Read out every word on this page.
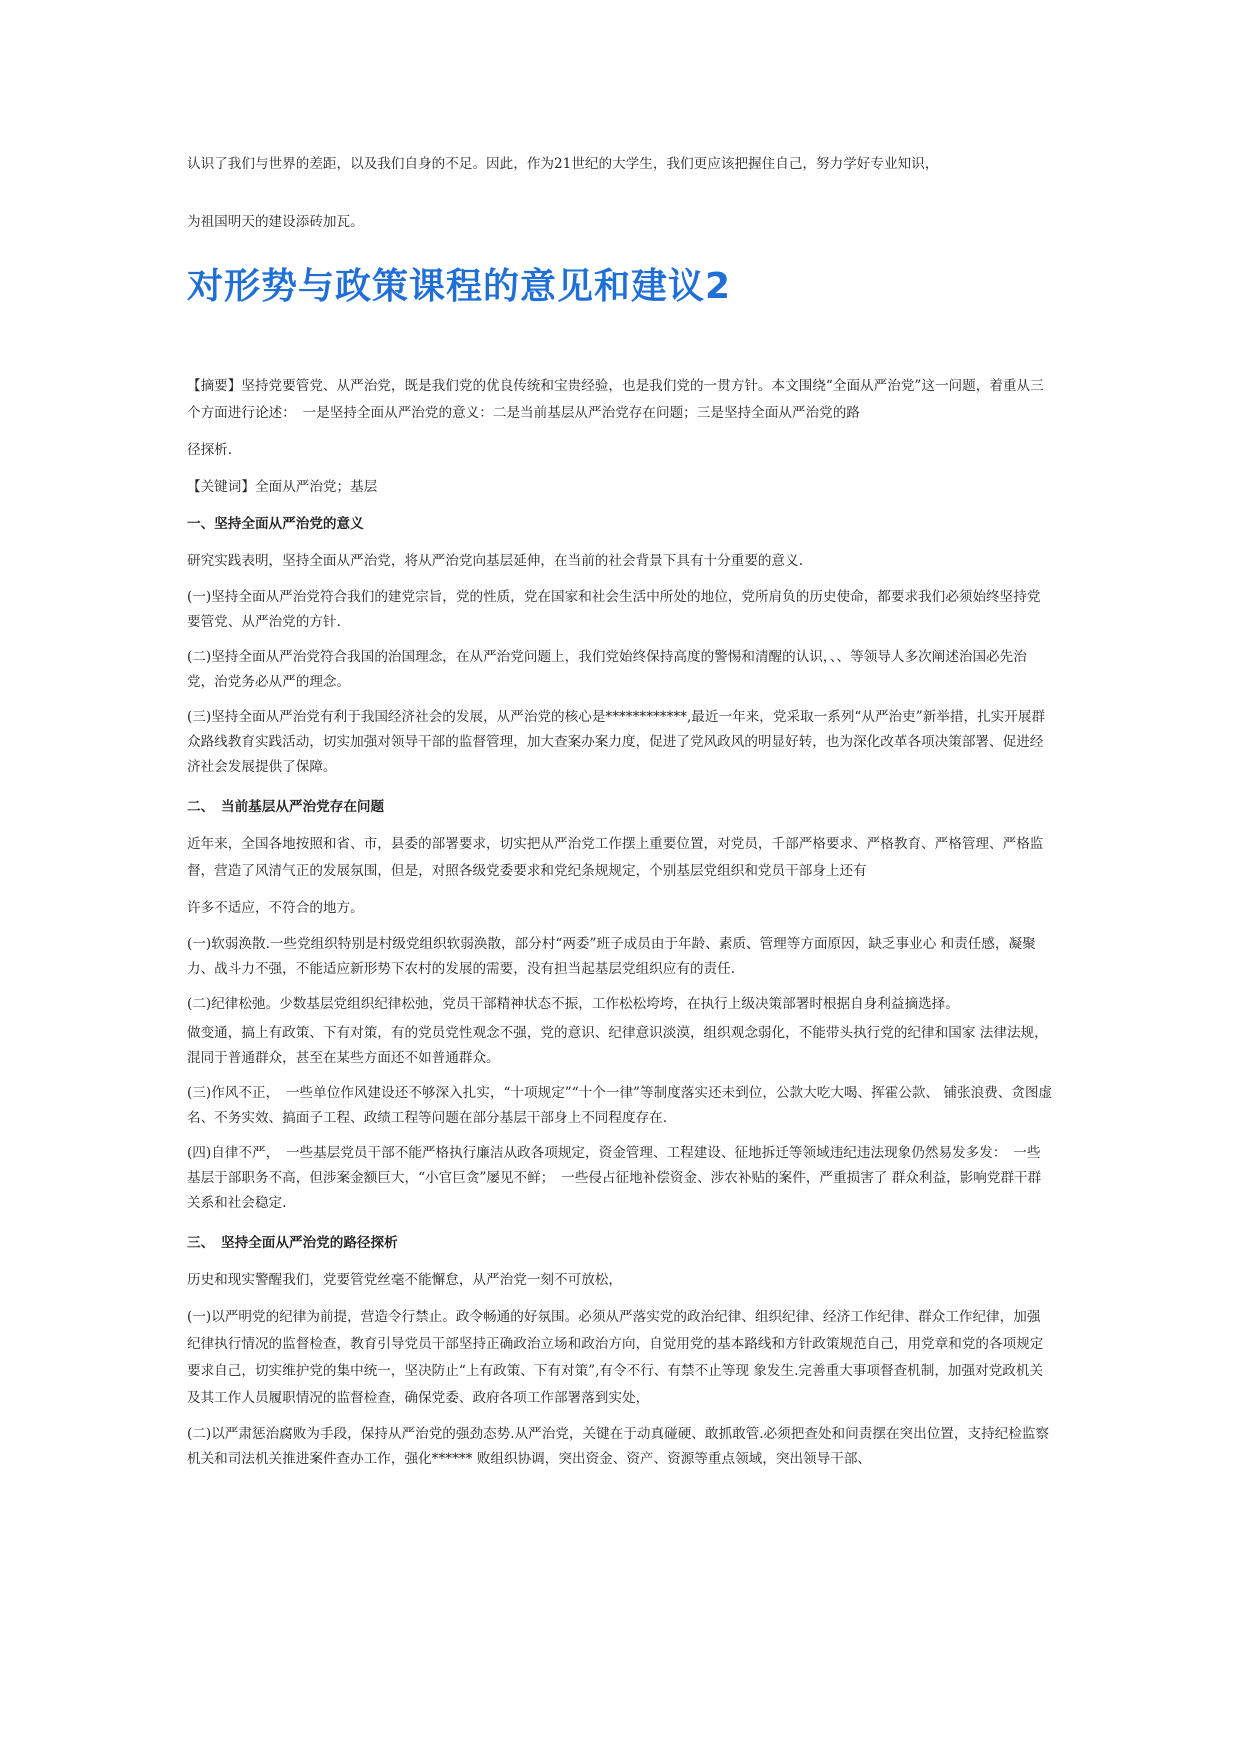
认识了我们与世界的差距，以及我们自身的不足。因此，作为21世纪的大学生，我们更应该把握住自己，努力学好专业知识，

为祖国明天的建设添砖加瓦。

对形势与政策课程的意见和建议2

【摘要】坚持党要管党、从严治党，既是我们党的优良传统和宝贵经验，也是我们党的一贯方针。本文围绕“全面从严治党”这一问题，着重从三个方面进行论述：　一是坚持全面从严治党的意义：二是当前基层从严治党存在问题；三是坚持全面从严治党的路

径探析.

【关键词】全面从严治党；基层

一、坚持全面从严治党的意义

研究实践表明，坚持全面从严治党，将从严治党向基层延伸，在当前的社会背景下具有十分重要的意义.

(一)坚持全面从严治党符合我们的建党宗旨，党的性质，党在国家和社会生活中所处的地位，党所肩负的历史使命，都要求我们必须始终坚持党要管党、从严治党的方针.

(二)坚持全面从严治党符合我国的治国理念，在从严治党问题上，我们党始终保持高度的警惕和清醒的认识，、、等领导人多次阐述治国必先治党，治党务必从严的理念。

(三)坚持全面从严治党有利于我国经济社会的发展，从严治党的核心是************,最近一年来，党采取一系列“从严治吏”新举措，扎实开展群众路线教育实践活动，切实加强对领导干部的监督管理，加大查案办案力度，促进了党风政风的明显好转，也为深化改革各项决策部署、促进经济社会发展提供了保障。

二、　当前基层从严治党存在问题

近年来，全国各地按照和省、市，县委的部署要求，切实把从严治党工作摆上重要位置，对党员，千部严格要求、严格教育、严格管理、严格监督，营造了风清气正的发展氛围，但是，对照各级党委要求和党纪条规规定，个别基层党组织和党员干部身上还有

许多不适应，不符合的地方。

(一)软弱涣散.一些党组织特别是村级党组织软弱涣散，部分村“两委”班子成员由于年龄、素质、管理等方面原因，缺乏事业心 和责任感，凝聚力、战斗力不强，不能适应新形势下农村的发展的需要，没有担当起基层党组织应有的责任.

(二)纪律松弛。少数基层党组织纪律松弛，党员干部精神状态不振，工作松松垮垮，在执行上级决策部署时根据自身利益摘选择。

做变通，搞上有政策、下有对策，有的党员党性观念不强，党的意识、纪律意识淡漠，组织观念弱化，不能带头执行党的纪律和国家 法律法规，混同于普通群众，甚至在某些方面还不如普通群众。

(三)作风不正，　一些单位作风建设还不够深入扎实，“十项规定”“十个一律”等制度落实还未到位，公款大吃大喝、挥霍公款、 铺张浪费、贪图虚名、不务实效、搞面子工程、政绩工程等问题在部分基层干部身上不同程度存在.

(四)自律不严，　一些基层党员干部不能严格执行廉洁从政各项规定，资金管理、工程建设、征地拆迁等领域违纪违法现象仍然易发多发：　一些基层于部职务不高，但涉案金额巨大，“小官巨贪”屡见不鲜；　一些侵占征地补偿资金、涉农补贴的案件，严重损害了 群众利益，影响党群干群关系和社会稳定.

三、　坚持全面从严治党的路径探析

历史和现实警醒我们，党要管党丝毫不能懈怠，从严治党一刻不可放松，

(一)以严明党的纪律为前提，营造令行禁止。政令畅通的好氛围。必须从严落实党的政治纪律、组织纪律、经济工作纪律、群众工作纪律，加强纪律执行情况的监督检查，教育引导党员干部坚持正确政治立场和政治方向，自觉用党的基本路线和方针政策规范自己，用党章和党的各项规定要求自己，切实维护党的集中统一，坚决防止“上有政策、下有对策”,有令不行、有禁不止等现 象发生.完善重大事项督查机制，加强对党政机关及其工作人员履职情况的监督检查，确保党委、政府各项工作部署落到实处，

(二)以严肃惩治腐败为手段，保持从严治党的强劲态势.从严治党，关键在于动真碰硬、敢抓敢管.必须把查处和问责摆在突出位置，支持纪检监察机关和司法机关推进案件查办工作，强化****** 败组织协调，突出资金、资产、资源等重点领域，突出领导干部、
